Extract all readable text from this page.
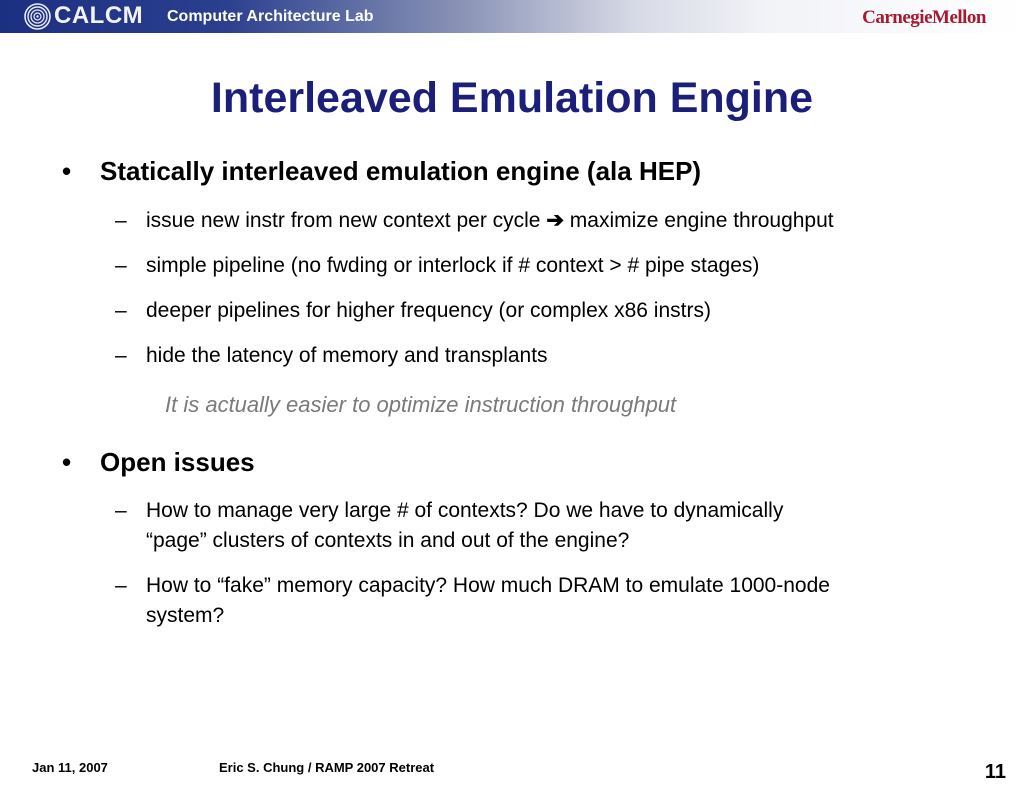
CALCM Computer Architecture Lab	CarnegieMellon
Interleaved Emulation Engine
• Statically interleaved emulation engine (ala HEP)
– issue new instr from new context per cycle ➔ maximize engine throughput
– simple pipeline (no fwding or interlock if # context > # pipe stages)
– deeper pipelines for higher frequency (or complex x86 instrs)
– hide the latency of memory and transplants
It is actually easier to optimize instruction throughput
• Open issues
– How to manage very large # of contexts? Do we have to dynamically
“page” clusters of contexts in and out of the engine?
– How to “fake” memory capacity? How much DRAM to emulate 1000-node
system?
Jan 11, 2007	Eric S. Chung / RAMP 2007 Retreat	11
